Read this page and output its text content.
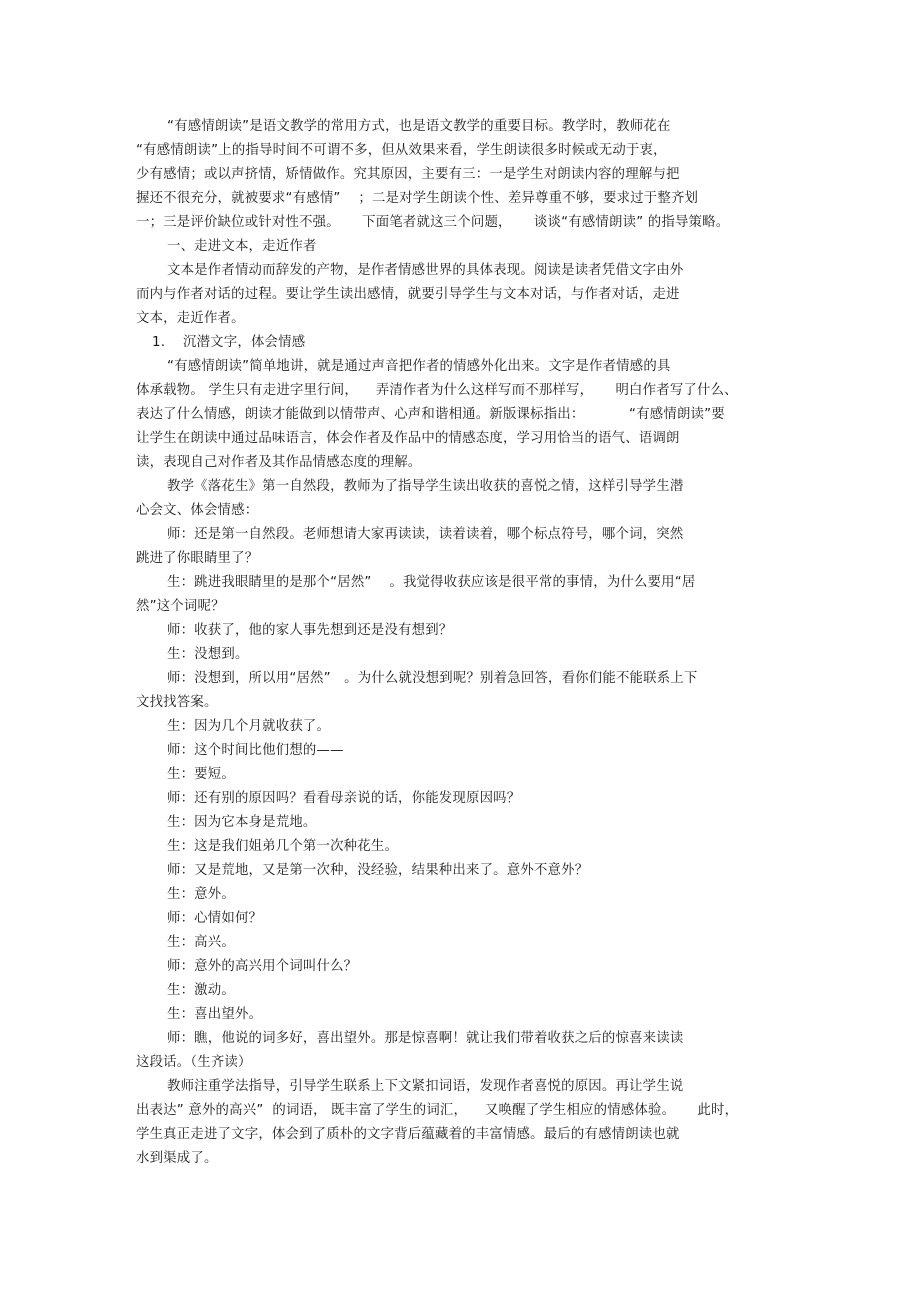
“有感情朗读”是语文教学的常用方式，也是语文教学的重要目标。教学时，教师花在
“有感情朗读”上的指导时间不可谓不多，但从效果来看，学生朗读很多时候或无动于衷，
少有感情；或以声挤情，矫情做作。究其原因，主要有三：一是学生对朗读内容的理解与把
握还不很充分，就被要求“有感情”    ；二是对学生朗读个性、差异尊重不够，要求过于整齐划
一；三是评价缺位或针对性不强。     下面笔者就这三个问题，     谈谈“有感情朗读” 的指导策略。
一、走进文本，走近作者
文本是作者情动而辞发的产物，是作者情感世界的具体表现。阅读是读者凭借文字由外
而内与作者对话的过程。要让学生读出感情，就要引导学生与文本对话，与作者对话，走进
文本，走近作者。
1.    沉潜文字，体会情感
“有感情朗读”简单地讲，就是通过声音把作者的情感外化出来。文字是作者情感的具
体承载物。 学生只有走进字里行间，    弄清作者为什么这样写而不那样写，     明白作者写了什么、
表达了什么情感，朗读才能做到以情带声、心声和谐相通。新版课标指出：          “有感情朗读”要
让学生在朗读中通过品味语言，体会作者及作品中的情感态度，学习用恰当的语气、语调朗
读，表现自己对作者及其作品情感态度的理解。
教学《落花生》第一自然段，教师为了指导学生读出收获的喜悦之情，这样引导学生潜
心会文、体会情感：
师：还是第一自然段。老师想请大家再读读，读着读着，哪个标点符号，哪个词，突然
跳进了你眼睛里了？
生：跳进我眼睛里的是那个“居然”    。我觉得收获应该是很平常的事情，为什么要用“居
然”这个词呢？
师：收获了，他的家人事先想到还是没有想到？
生：没想到。
师：没想到，所以用“居然”   。为什么就没想到呢？别着急回答，看你们能不能联系上下
文找找答案。
生：因为几个月就收获了。
师：这个时间比他们想的——
生：要短。
师：还有别的原因吗？看看母亲说的话，你能发现原因吗？
生：因为它本身是荒地。
生：这是我们姐弟几个第一次种花生。
师：又是荒地，又是第一次种，没经验，结果种出来了。意外不意外？
生：意外。
师：心情如何？
生：高兴。
师：意外的高兴用个词叫什么？
生：激动。
生：喜出望外。
师：瞧，他说的词多好，喜出望外。那是惊喜啊！就让我们带着收获之后的惊喜来读读
这段话。（生齐读）
教师注重学法指导，引导学生联系上下文紧扣词语，发现作者喜悦的原因。再让学生说
出表达” 意外的高兴”  的词语， 既丰富了学生的词汇，    又唤醒了学生相应的情感体验。     此时，
学生真正走进了文字，体会到了质朴的文字背后蕴藏着的丰富情感。最后的有感情朗读也就
水到渠成了。
